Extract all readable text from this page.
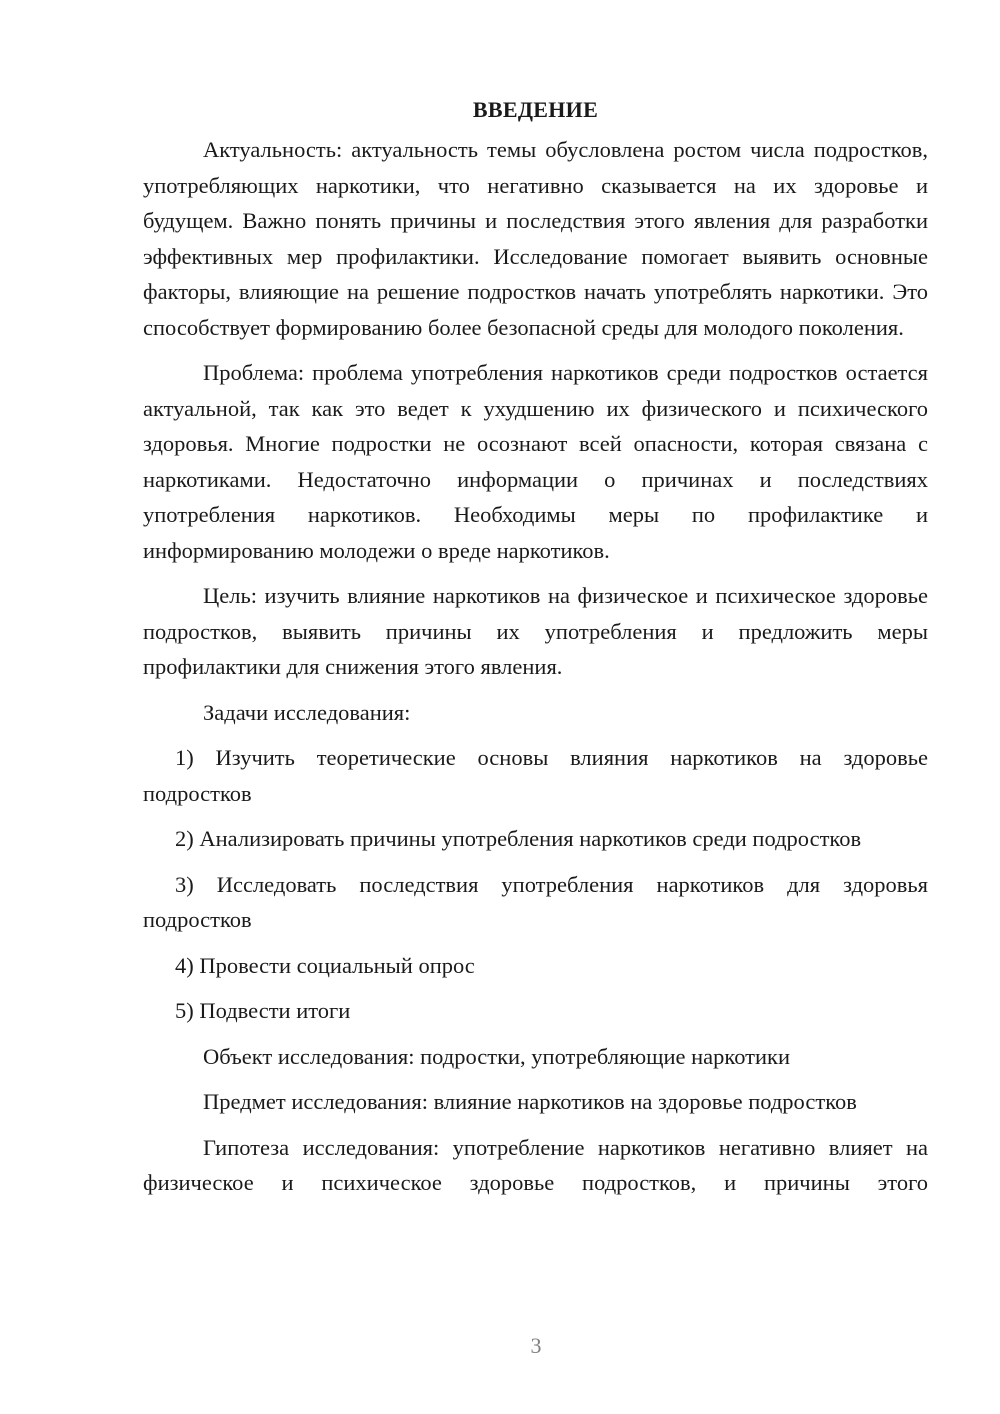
ВВЕДЕНИЕ

Актуальность: актуальность темы обусловлена ростом числа подростков, употребляющих наркотики, что негативно сказывается на их здоровье и будущем. Важно понять причины и последствия этого явления для разработки эффективных мер профилактики. Исследование помогает выявить основные факторы, влияющие на решение подростков начать употреблять наркотики. Это способствует формированию более безопасной среды для молодого поколения.

Проблема: проблема употребления наркотиков среди подростков остается актуальной, так как это ведет к ухудшению их физического и психического здоровья. Многие подростки не осознают всей опасности, которая связана с наркотиками. Недостаточно информации о причинах и последствиях употребления наркотиков. Необходимы меры по профилактике и информированию молодежи о вреде наркотиков.

Цель: изучить влияние наркотиков на физическое и психическое здоровье подростков, выявить причины их употребления и предложить меры профилактики для снижения этого явления.

Задачи исследования:

1) Изучить теоретические основы влияния наркотиков на здоровье подростков

2) Анализировать причины употребления наркотиков среди подростков

3) Исследовать последствия употребления наркотиков для здоровья подростков

4) Провести социальный опрос

5) Подвести итоги

Объект исследования: подростки, употребляющие наркотики

Предмет исследования: влияние наркотиков на здоровье подростков

Гипотеза исследования: употребление наркотиков негативно влияет на физическое и психическое здоровье подростков, и причины этого

3
